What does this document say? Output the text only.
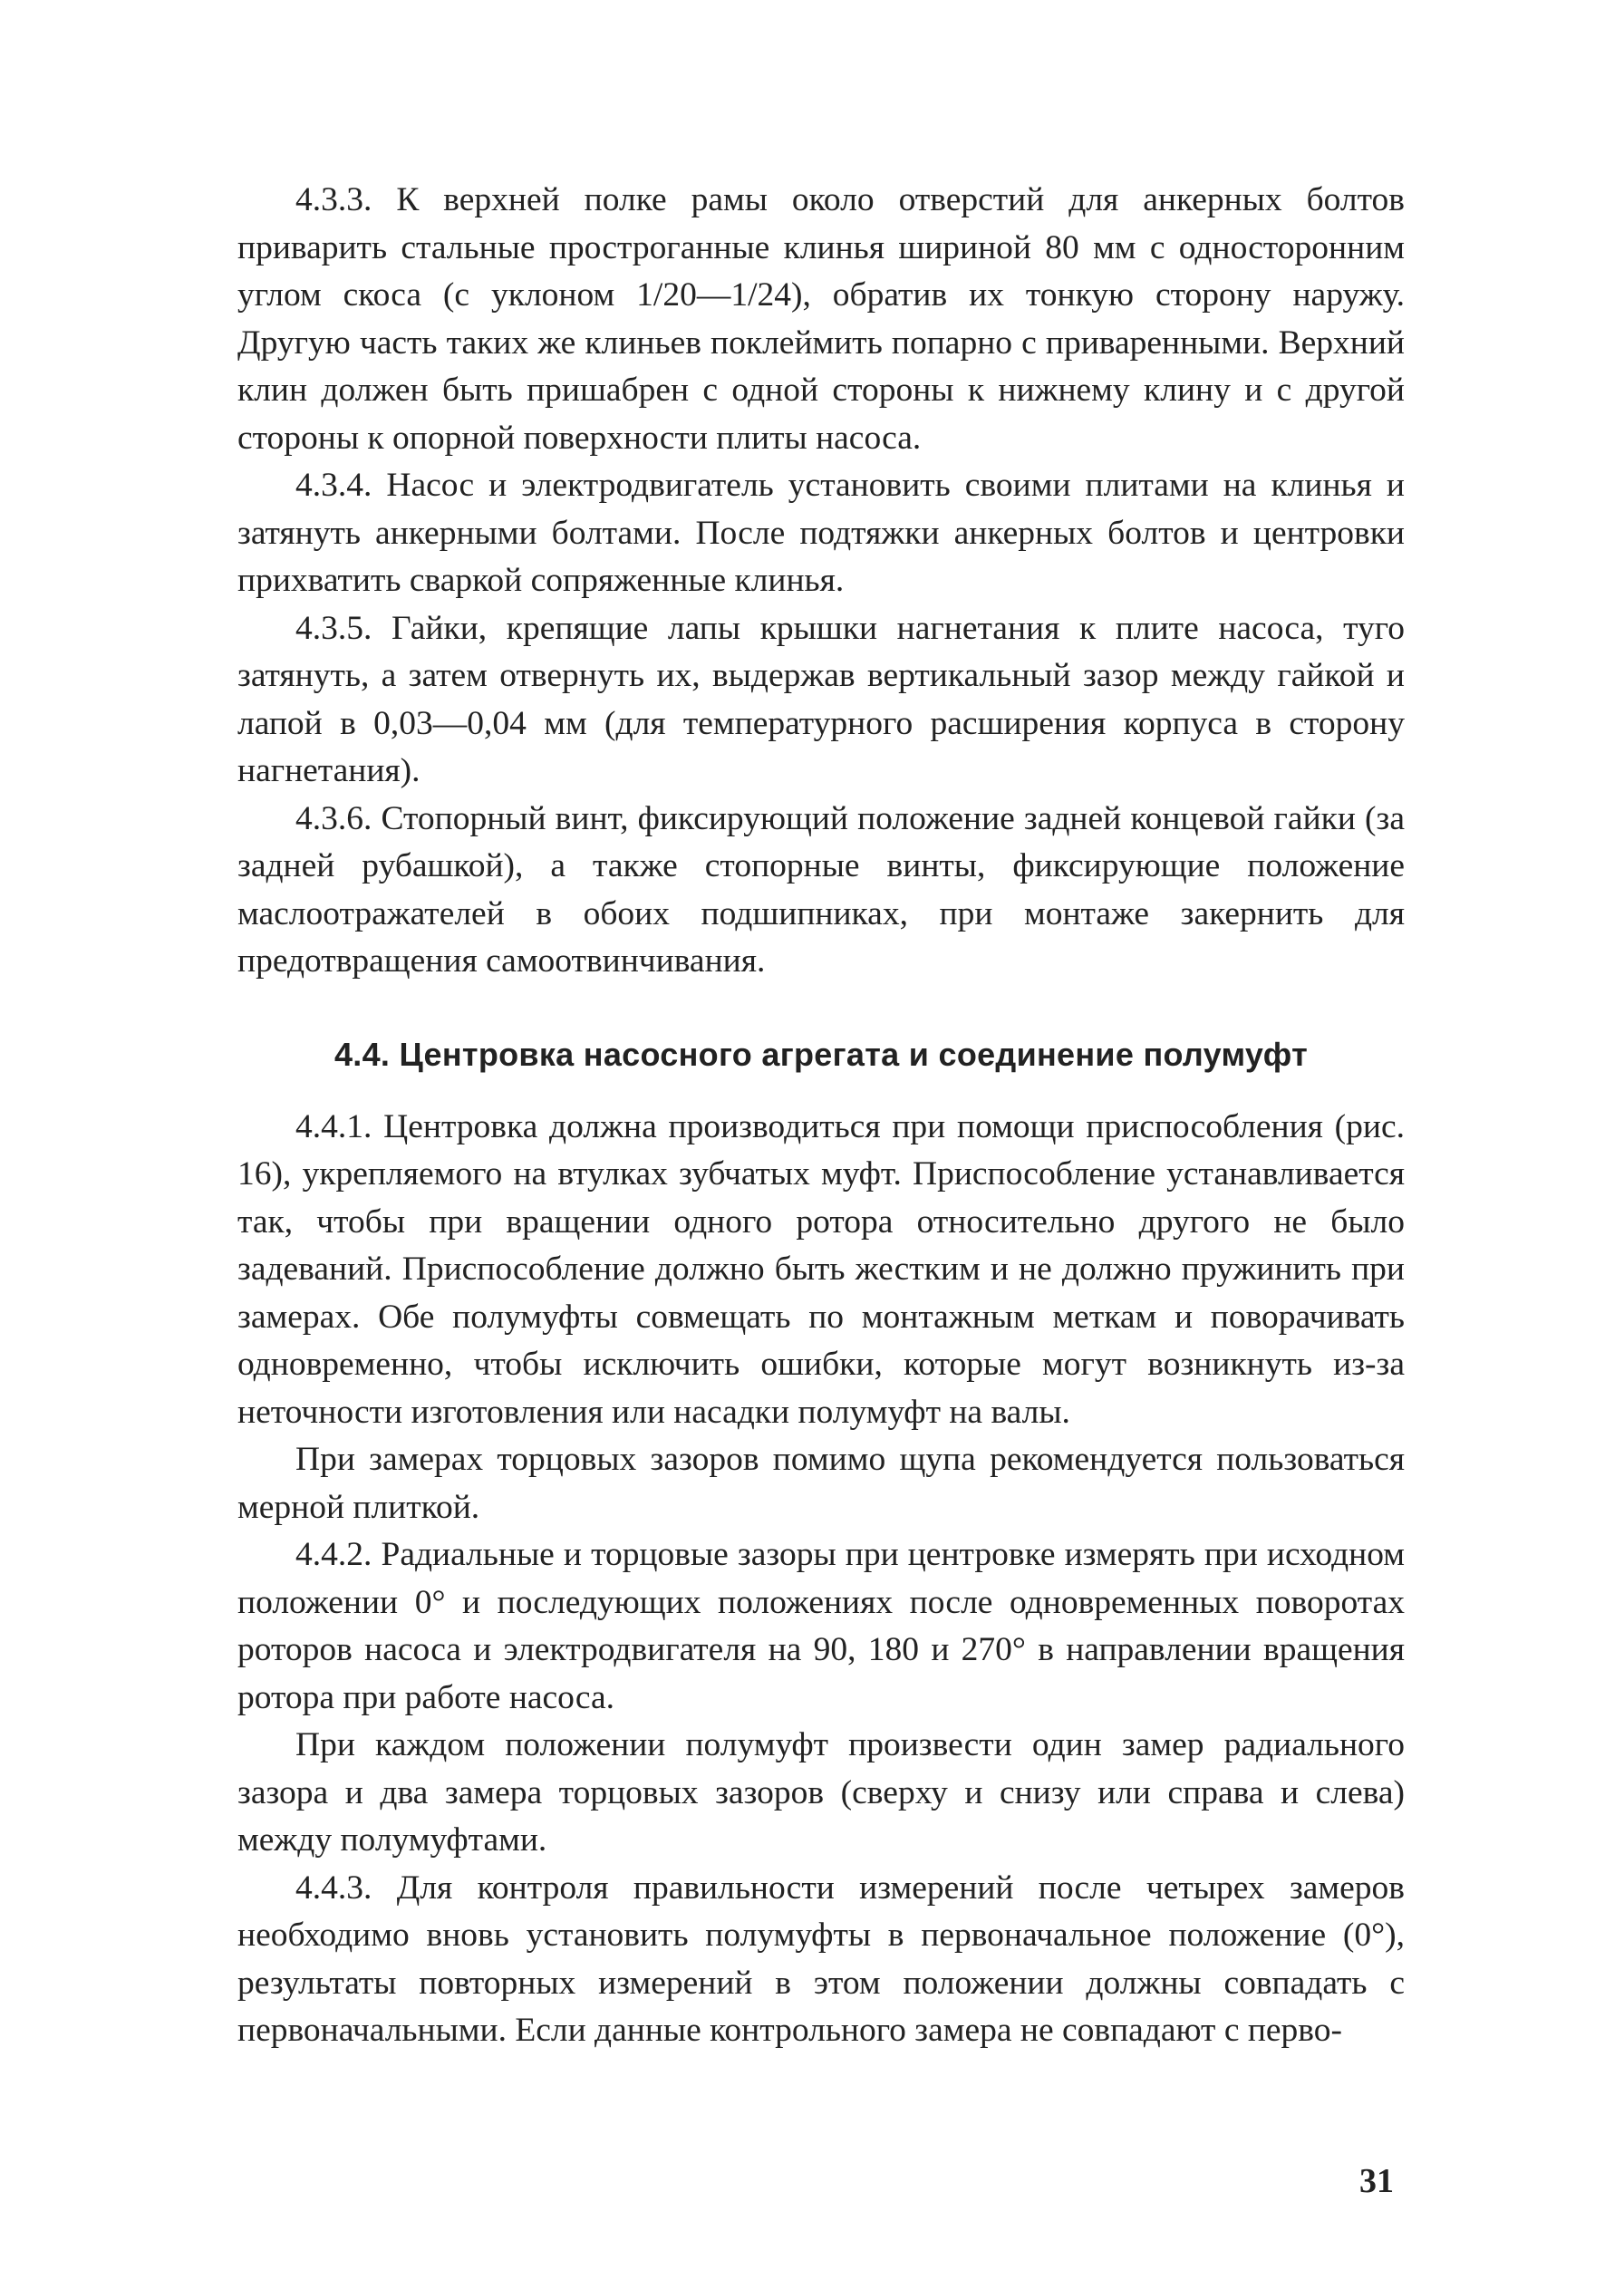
4.3.3. К верхней полке рамы около отверстий для анкерных болтов приварить стальные прострoганные клинья шириной 80 мм с односторонним углом скоса (с уклоном 1/20—1/24), обратив их тонкую сторону наружу. Другую часть таких же клиньев поклеймить попарно с приваренными. Верхний клин должен быть пришабрен с одной стороны к нижнему клину и с другой стороны к опорной поверхности плиты насоса.

4.3.4. Насос и электродвигатель установить своими плитами на клинья и затянуть анкерными болтами. После подтяжки анкерных болтов и центровки прихватить сваркой сопряженные клинья.

4.3.5. Гайки, крепящие лапы крышки нагнетания к плите насоса, туго затянуть, а затем отвернуть их, выдержав вертикальный зазор между гайкой и лапой в 0,03—0,04 мм (для температурного расширения корпуса в сторону нагнетания).

4.3.6. Стопорный винт, фиксирующий положение задней концевой гайки (за задней рубашкой), а также стопорные винты, фиксирующие положение маслоотражателей в обоих подшипниках, при монтаже закернить для предотвращения самоотвинчивания.

4.4. Центровка насосного агрегата и соединение полумуфт

4.4.1. Центровка должна производиться при помощи приспособления (рис. 16), укрепляемого на втулках зубчатых муфт. Приспособление устанавливается так, чтобы при вращении одного ротора относительно другого не было задеваний. Приспособление должно быть жестким и не должно пружинить при замерах. Обе полумуфты совмещать по монтажным меткам и поворачивать одновременно, чтобы исключить ошибки, которые могут возникнуть из-за неточности изготовления или насадки полумуфт на валы.

При замерах торцовых зазоров помимо щупа рекомендуется пользоваться мерной плиткой.

4.4.2. Радиальные и торцовые зазоры при центровке измерять при исходном положении 0° и последующих положениях после одновременных поворотах роторов насоса и электродвигателя на 90, 180 и 270° в направлении вращения ротора при работе насоса.

При каждом положении полумуфт произвести один замер радиального зазора и два замера торцовых зазоров (сверху и снизу или справа и слева) между полумуфтами.

4.4.3. Для контроля правильности измерений после четырех замеров необходимо вновь установить полумуфты в первоначальное положение (0°), результаты повторных измерений в этом положении должны совпадать с первоначальными. Если данные контрольного замера не совпадают с перво-

31
